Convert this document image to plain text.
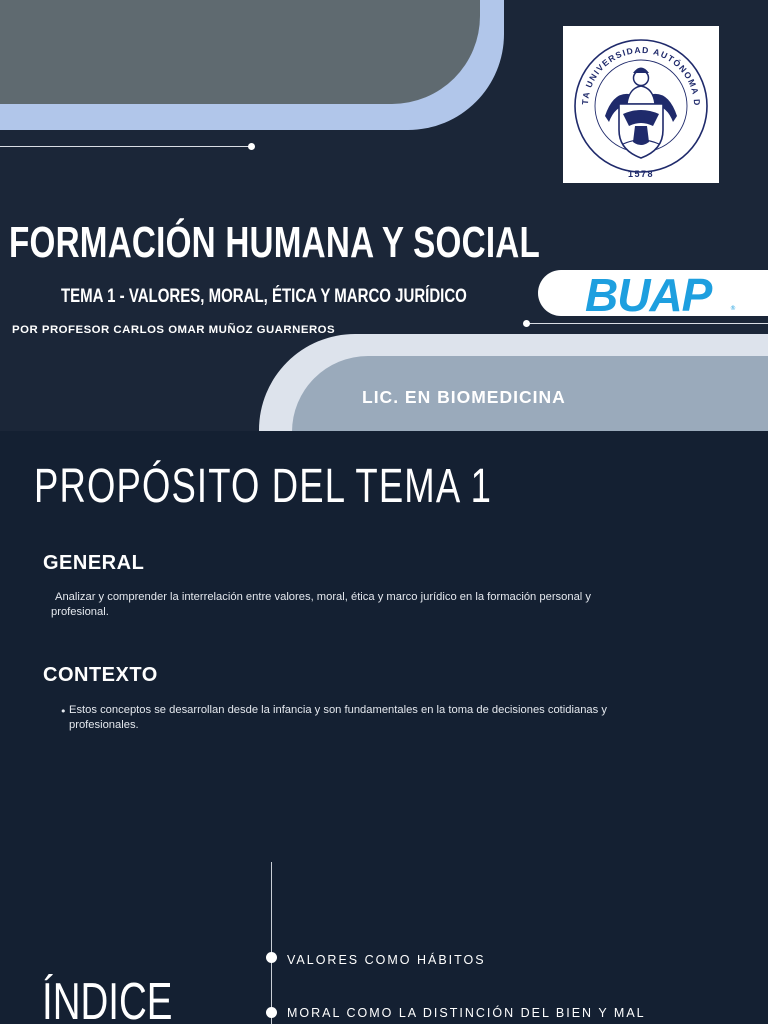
TA UNIVERSIDAD AUTÓNOMA D
1578
FORMACIÓN HUMANA Y SOCIAL
TEMA 1 - VALORES, MORAL, ÉTICA Y MARCO JURÍDICO

POR PROFESOR CARLOS OMAR MUÑOZ GUARNEROS

BUAP	®

LIC. EN BIOMEDICINA

PROPÓSITO DEL TEMA 1
GENERAL

Analizar y comprender la interrelación entre valores, moral, ética y marco jurídico en la formación personal y profesional.

CONTEXTO
• Estos conceptos se desarrollan desde la infancia y son fundamentales en la toma de decisiones cotidianas y profesionales.

VALORES COMO HÁBITOS

MORAL COMO LA DISTINCIÓN DEL BIEN Y MAL

ÍNDICE
